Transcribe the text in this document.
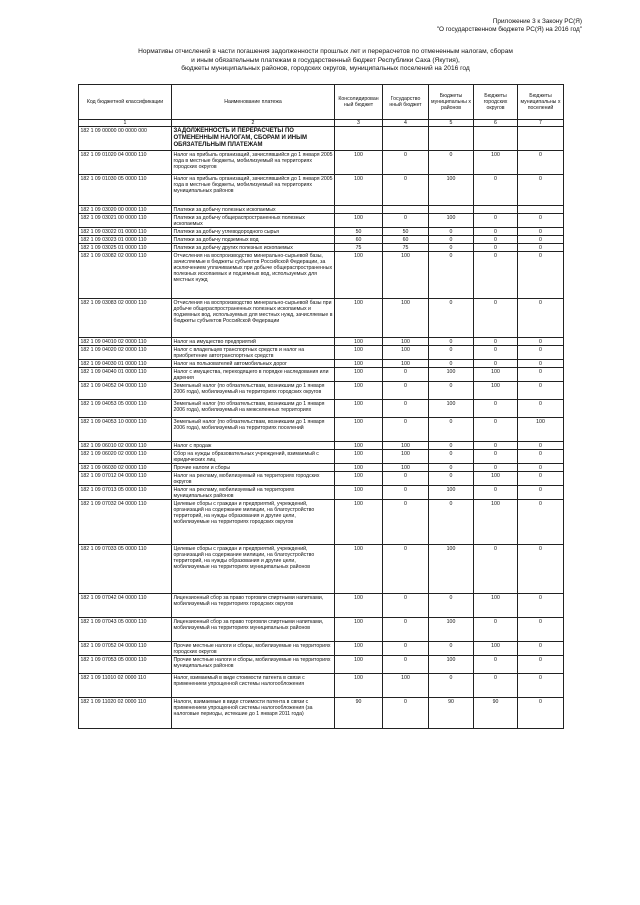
Приложение 3 к Закону РС(Я)
"О государственном бюджете РС(Я) на 2016 год"
Нормативы отчислений в части погашения задолженности прошлых лет и перерасчетов по отмененным налогам, сборам
и иным обязательным платежам в государственный бюджет Республики Саха (Якутия),
бюджеты муниципальных районов, городских округов, муниципальных поселений на 2016 год
Код бюджетной классификации	Наименование платежа	Консолидирован ный бюджет	Государство нный бюджет	Бюджеты муниципальны х районов	Бюджеты городских округов	Бюджеты муниципальны х поселений
1	2	3	4	5	6	7
182 1 09 00000 00 0000 000	ЗАДОЛЖЕННОСТЬ И ПЕРЕРАСЧЕТЫ ПО ОТМЕНЕННЫМ НАЛОГАМ, СБОРАМ И ИНЫМ ОБЯЗАТЕЛЬНЫМ ПЛАТЕЖАМ					
182 1 09 01020 04 0000 110	Налог на прибыль организаций, зачислявшийся до 1 января 2005 года в местные бюджеты, мобилизуемый на территориях городских округов	100	0	0	100	0
182 1 09 01030 05 0000 110	Налог на прибыль организаций, зачислявшийся до 1 января 2005 года в местные бюджеты, мобилизуемый на территориях муниципальных районов	100	0	100	0	0
182 1 09 03020 00 0000 110	Платежи за добычу полезных ископаемых					
182 1 09 03021 00 0000 110	Платежи за добычу общераспространенных полезных ископаемых	100	0	100	0	0
182 1 09 03022 01 0000 110	Платежи за добычу углеводородного сырья	50	50	0	0	0
182 1 09 03023 01 0000 110	Платежи за добычу подземных вод	60	60	0	0	0
182 1 09 03025 01 0000 110	Платежи за добычу других полезных ископаемых	75	75	0	0	0
182 1 09 03082 02 0000 110	Отчисления на воспроизводство минерально-сырьевой базы, зачисляемые в бюджеты субъектов Российской Федерации, за исключением уплачиваемых при добыче общераспространенных полезных ископаемых и подземных вод, используемых для местных нужд	100	100	0	0	0
182 1 09 03083 02 0000 110	Отчисления на воспроизводство минерально-сырьевой базы при добыче общераспространенных полезных ископаемых и подземных вод, используемых для местных нужд, зачисляемые в бюджеты субъектов Российской Федерации	100	100	0	0	0
182 1 09 04010 02 0000 110	Налог на имущество предприятий	100	100	0	0	0
182 1 09 04020 02 0000 110	Налог с владельцев транспортных средств и налог на приобретение автотранспортных средств	100	100	0	0	0
182 1 09 04030 01 0000 110	Налог на пользователей автомобильных дорог	100	100	0	0	0
182 1 09 04040 01 0000 110	Налог с имущества, переходящего в порядке наследования или дарения	100	0	100	100	0
182 1 09 04052 04 0000 110	Земельный налог (по обязательствам, возникшим до 1 января 2006 года), мобилизуемый на территориях городских округов	100	0	0	100	0
182 1 09 04053 05 0000 110	Земельный налог (по обязательствам, возникшим до 1 января 2006 года), мобилизуемый на межселенных территориях	100	0	100	0	0
182 1 09 04053 10 0000 110	Земельный налог (по обязательствам, возникшим до 1 января 2006 года), мобилизуемый на территориях поселений	100	0	0	0	100
182 1 09 06010 02 0000 110	Налог с продаж	100	100	0	0	0
182 1 09 06020 02 0000 110	Сбор на нужды образовательных учреждений, взимаемый с юридических лиц	100	100	0	0	0
182 1 09 06030 02 0000 110	Прочие налоги и сборы	100	100	0	0	0
182 1 09 07012 04 0000 110	Налог на рекламу, мобилизуемый на территориях городских округов	100	0	0	100	0
182 1 09 07013 05 0000 110	Налог на рекламу, мобилизуемый на территориях муниципальных районов	100	0	100	0	0
182 1 09 07032 04 0000 110	Целевые сборы с граждан и предприятий, учреждений, организаций на содержание милиции, на благоустройство территорий, на нужды образования и другие цели, мобилизуемые на территориях городских округов	100	0	0	100	0
182 1 09 07033 05 0000 110	Целевые сборы с граждан и предприятий, учреждений, организаций на содержание милиции, на благоустройство территорий, на нужды образования и другие цели, мобилизуемые на территориях муниципальных районов	100	0	100	0	0
182 1 09 07042 04 0000 110	Лицензионный сбор за право торговли спиртными напитками, мобилизуемый на территориях городских округов	100	0	0	100	0
182 1 09 07043 05 0000 110	Лицензионный сбор за право торговли спиртными напитками, мобилизуемый на территориях муниципальных районов	100	0	100	0	0
182 1 09 07052 04 0000 110	Прочие местные налоги и сборы, мобилизуемые на территориях городских округов	100	0	0	100	0
182 1 09 07053 05 0000 110	Прочие местные налоги и сборы, мобилизуемые на территориях муниципальных районов	100	0	100	0	0
182 1 09 11010 02 0000 110	Налог, взимаемый в виде стоимости патента в связи с применением упрощенной системы налогообложения	100	100	0	0	0
182 1 09 11020 02 0000 110	Налоги, взимаемые в виде стоимости патента в связи с применением упрощенной системы налогообложения (за налоговые периоды, истекшие до 1 января 2011 года)	90	0	90	90	0
